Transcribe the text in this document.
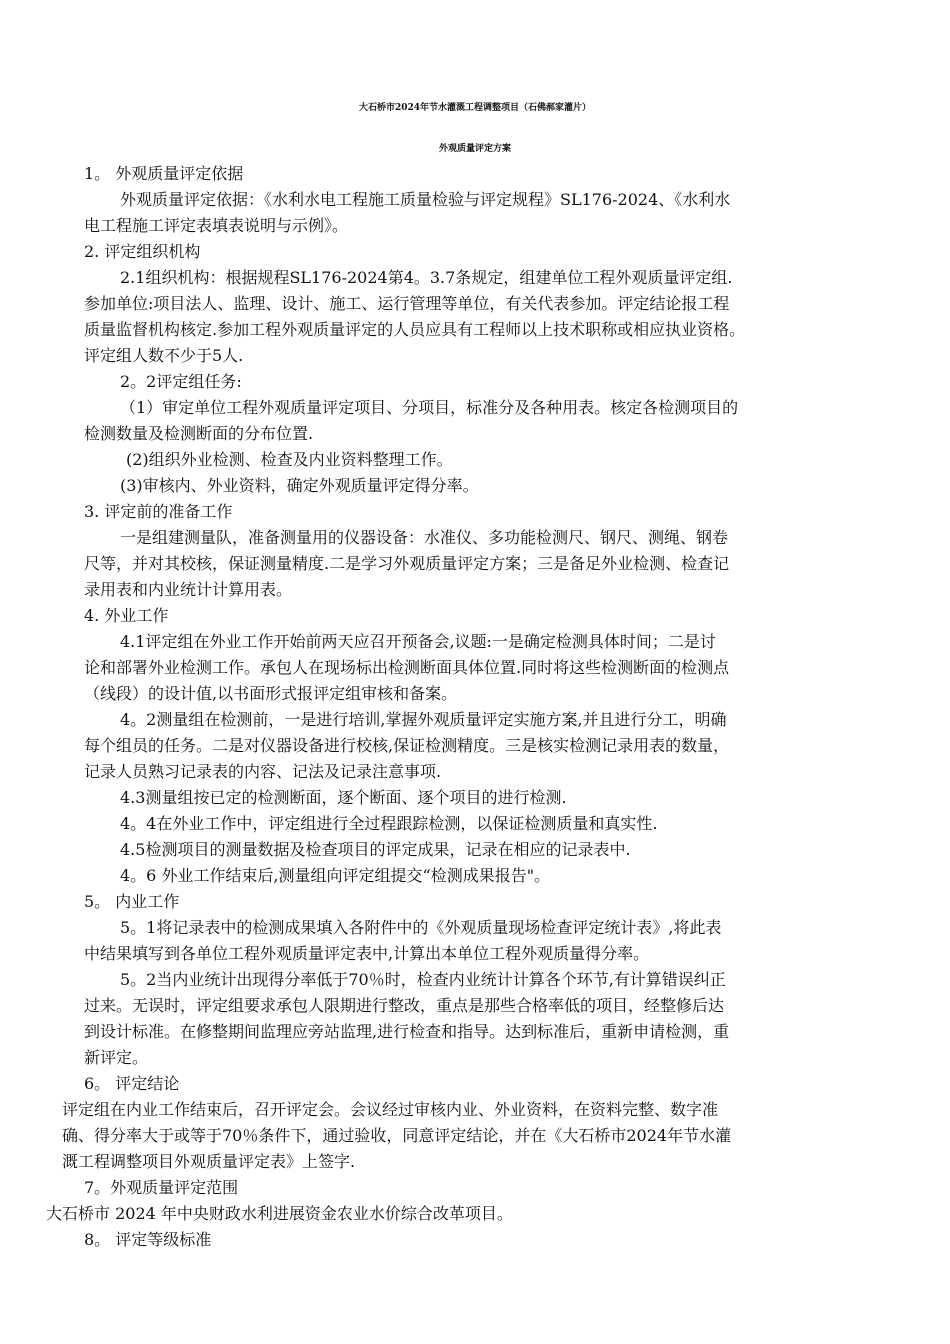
大石桥市2024年节水灌溉工程调整项目（石佛郝家灌片）
外观质量评定方案
1。 外观质量评定依据
外观质量评定依据：《水利水电工程施工质量检验与评定规程》SL176-2024、《水利水
电工程施工评定表填表说明与示例》。
2. 评定组织机构
2.1组织机构：根据规程SL176-2024第4。3.7条规定，组建单位工程外观质量评定组.
参加单位:项目法人、监理、设计、施工、运行管理等单位，有关代表参加。评定结论报工程
质量监督机构核定.参加工程外观质量评定的人员应具有工程师以上技术职称或相应执业资格。
评定组人数不少于5人.
2。2评定组任务:
（1）审定单位工程外观质量评定项目、分项目，标准分及各种用表。核定各检测项目的
检测数量及检测断面的分布位置.
(2)组织外业检测、检查及内业资料整理工作。
(3)审核内、外业资料，确定外观质量评定得分率。
3. 评定前的准备工作
一是组建测量队，准备测量用的仪器设备：水准仪、多功能检测尺、钢尺、测绳、钢卷
尺等，并对其校核，保证测量精度.二是学习外观质量评定方案；三是备足外业检测、检查记
录用表和内业统计计算用表。
4. 外业工作
4.1评定组在外业工作开始前两天应召开预备会,议题:一是确定检测具体时间；二是讨
论和部署外业检测工作。承包人在现场标出检测断面具体位置.同时将这些检测断面的检测点
（线段）的设计值,以书面形式报评定组审核和备案。
4。2测量组在检测前，一是进行培训,掌握外观质量评定实施方案,并且进行分工，明确
每个组员的任务。二是对仪器设备进行校核,保证检测精度。三是核实检测记录用表的数量，
记录人员熟习记录表的内容、记法及记录注意事项.
4.3测量组按已定的检测断面，逐个断面、逐个项目的进行检测.
4。4在外业工作中，评定组进行全过程跟踪检测，以保证检测质量和真实性.
4.5检测项目的测量数据及检查项目的评定成果，记录在相应的记录表中.
4。6 外业工作结束后,测量组向评定组提交“检测成果报告"。
5。 内业工作
5。1将记录表中的检测成果填入各附件中的《外观质量现场检查评定统计表》,将此表
中结果填写到各单位工程外观质量评定表中,计算出本单位工程外观质量得分率。
5。2当内业统计出现得分率低于70％时，检查内业统计计算各个环节,有计算错误纠正
过来。无误时，评定组要求承包人限期进行整改，重点是那些合格率低的项目，经整修后达
到设计标准。在修整期间监理应旁站监理,进行检查和指导。达到标准后，重新申请检测，重
新评定。
6。 评定结论
评定组在内业工作结束后，召开评定会。会议经过审核内业、外业资料，在资料完整、数字准
确、得分率大于或等于70％条件下，通过验收，同意评定结论，并在《大石桥市2024年节水灌
溉工程调整项目外观质量评定表》上签字.
7。外观质量评定范围
大石桥市 2024 年中央财政水利进展资金农业水价综合改革项目。
8。 评定等级标准
